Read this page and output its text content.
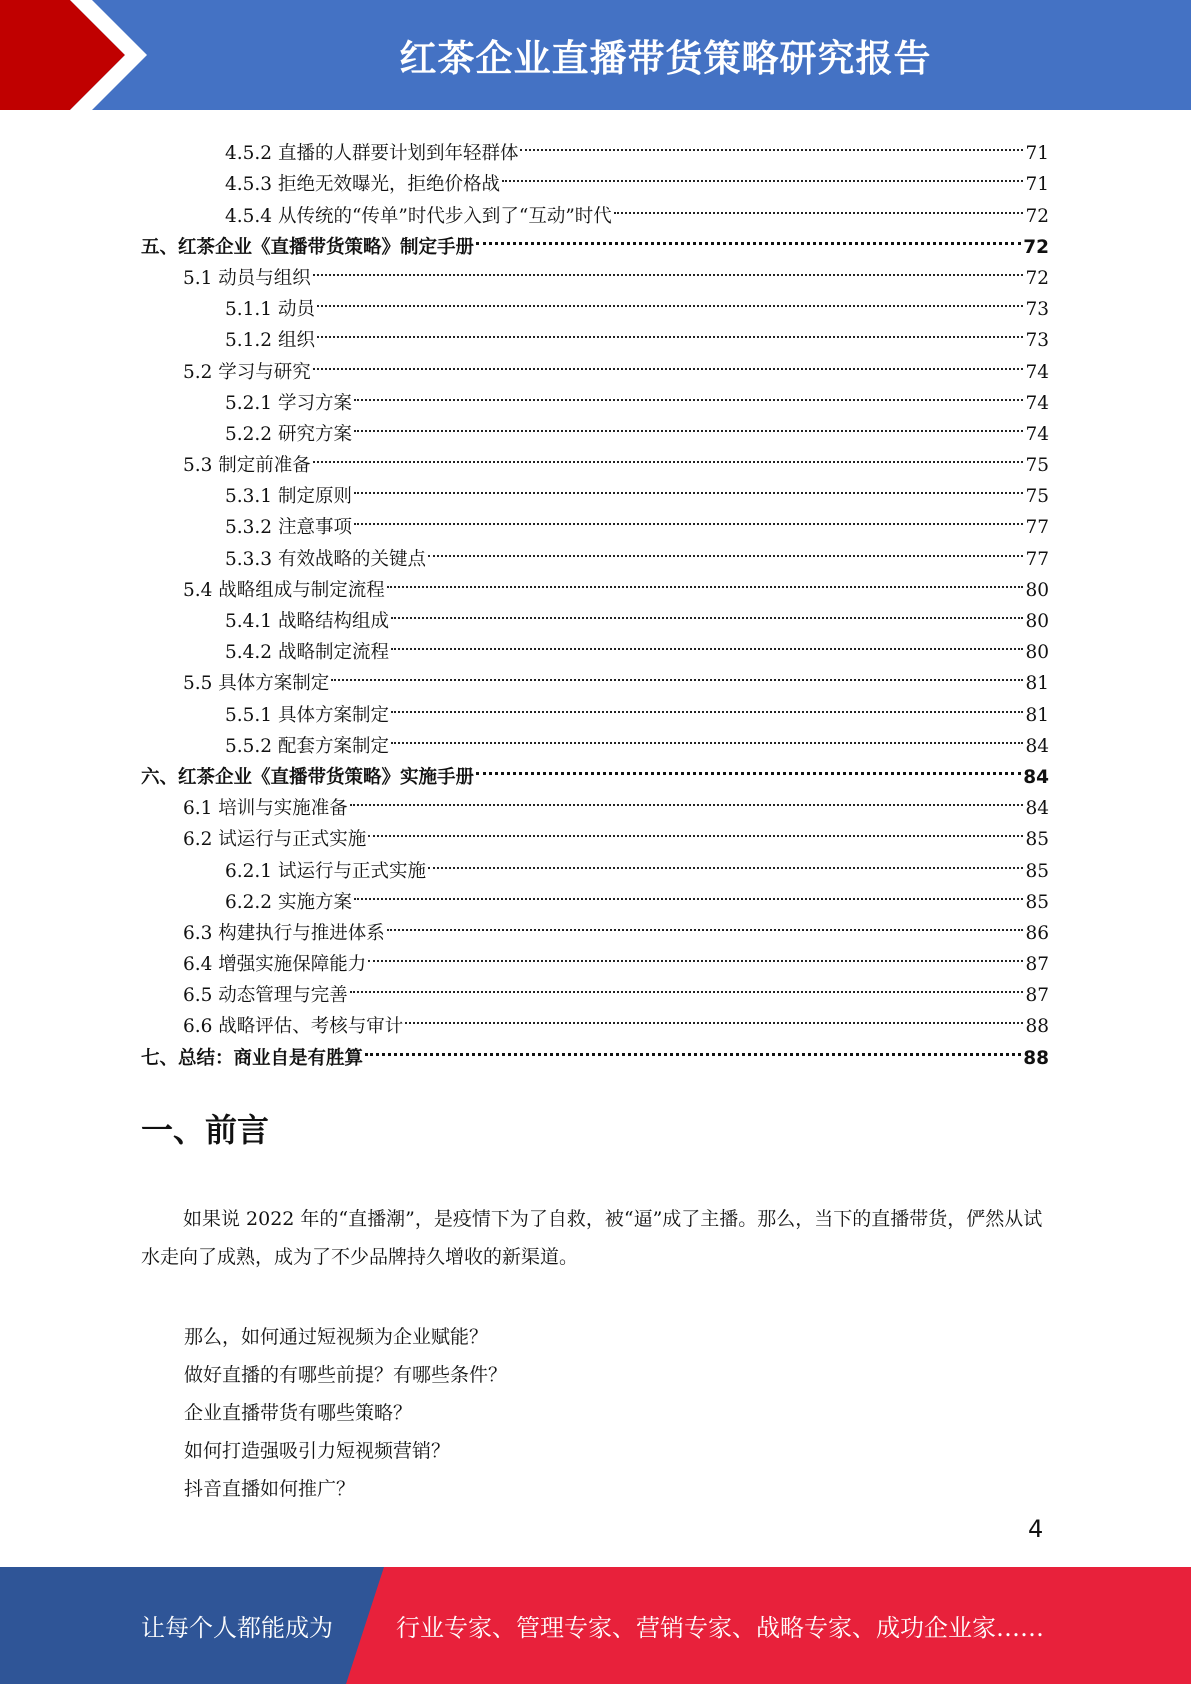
红茶企业直播带货策略研究报告
4.5.2 直播的人群要计划到年轻群体	71
4.5.3 拒绝无效曝光，拒绝价格战	71
4.5.4 从传统的“传单”时代步入到了“互动”时代	72
五、红茶企业《直播带货策略》制定手册	72
5.1 动员与组织	72
5.1.1 动员	73
5.1.2 组织	73
5.2 学习与研究	74
5.2.1 学习方案	74
5.2.2 研究方案	74
5.3 制定前准备	75
5.3.1 制定原则	75
5.3.2 注意事项	77
5.3.3 有效战略的关键点	77
5.4 战略组成与制定流程	80
5.4.1 战略结构组成	80
5.4.2 战略制定流程	80
5.5 具体方案制定	81
5.5.1 具体方案制定	81
5.5.2 配套方案制定	84
六、红茶企业《直播带货策略》实施手册	84
6.1 培训与实施准备	84
6.2 试运行与正式实施	85
6.2.1 试运行与正式实施	85
6.2.2 实施方案	85
6.3 构建执行与推进体系	86
6.4 增强实施保障能力	87
6.5 动态管理与完善	87
6.6 战略评估、考核与审计	88
七、总结：商业自是有胜算	88
一、前言
如果说 2022 年的“直播潮”，是疫情下为了自救，被“逼”成了主播。那么，当下的直播带货，俨然从试水走向了成熟，成为了不少品牌持久增收的新渠道。
那么，如何通过短视频为企业赋能？
做好直播的有哪些前提？有哪些条件？
企业直播带货有哪些策略？
如何打造强吸引力短视频营销？
抖音直播如何推广？
4
让每个人都能成为	行业专家、管理专家、营销专家、战略专家、成功企业家……
